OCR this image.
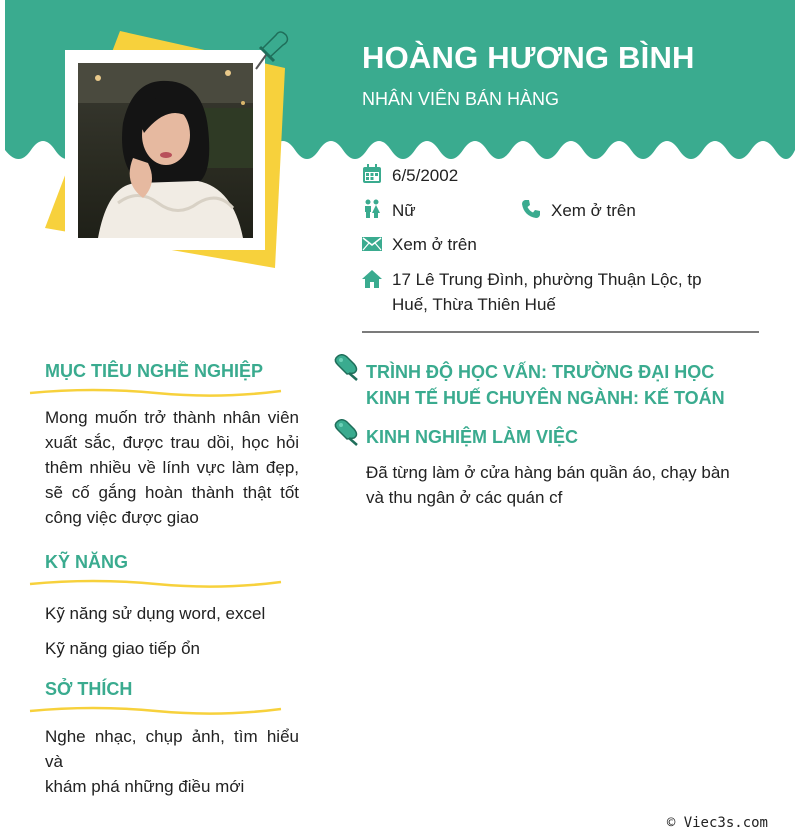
HOÀNG HƯƠNG BÌNH
NHÂN VIÊN BÁN HÀNG
6/5/2002
Nữ	Xem ở trên
Xem ở trên
17 Lê Trung Đình, phường Thuận Lộc, tp
Huế, Thừa Thiên Huế
MỤC TIÊU NGHỀ NGHIỆP
Mong muốn trở thành nhân viên
xuất sắc, được trau dồi, học hỏi
thêm nhiều về lính vực làm đẹp,
sẽ cố gắng hoàn thành thật tốt
công việc được giao
KỸ NĂNG
Kỹ năng sử dụng word, excel
Kỹ năng giao tiếp ổn
SỞ THÍCH
Nghe nhạc, chụp ảnh, tìm hiểu và
khám phá những điều mới
TRÌNH ĐỘ HỌC VẤN: TRƯỜNG ĐẠI HỌC
KINH TẾ HUẾ CHUYÊN NGÀNH: KẾ TOÁN
KINH NGHIỆM LÀM VIỆC
Đã từng làm ở cửa hàng bán quần áo, chạy bàn
và thu ngân ở các quán cf
© Viec3s.com
